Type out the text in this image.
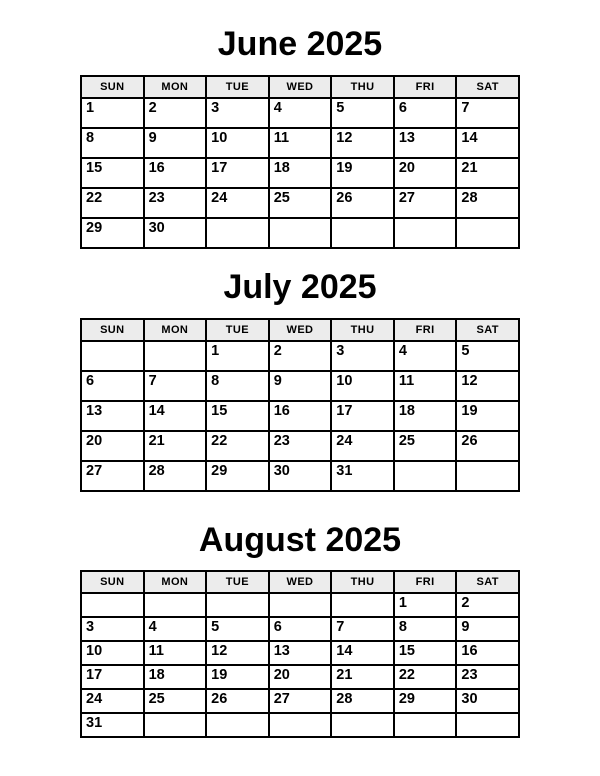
June 2025
SUN	MON	TUE	WED	THU	FRI	SAT
1	2	3	4	5	6	7
8	9	10	11	12	13	14
15	16	17	18	19	20	21
22	23	24	25	26	27	28
29	30					
July 2025
SUN	MON	TUE	WED	THU	FRI	SAT
		1	2	3	4	5
6	7	8	9	10	11	12
13	14	15	16	17	18	19
20	21	22	23	24	25	26
27	28	29	30	31		
August 2025
SUN	MON	TUE	WED	THU	FRI	SAT
					1	2
3	4	5	6	7	8	9
10	11	12	13	14	15	16
17	18	19	20	21	22	23
24	25	26	27	28	29	30
31						
